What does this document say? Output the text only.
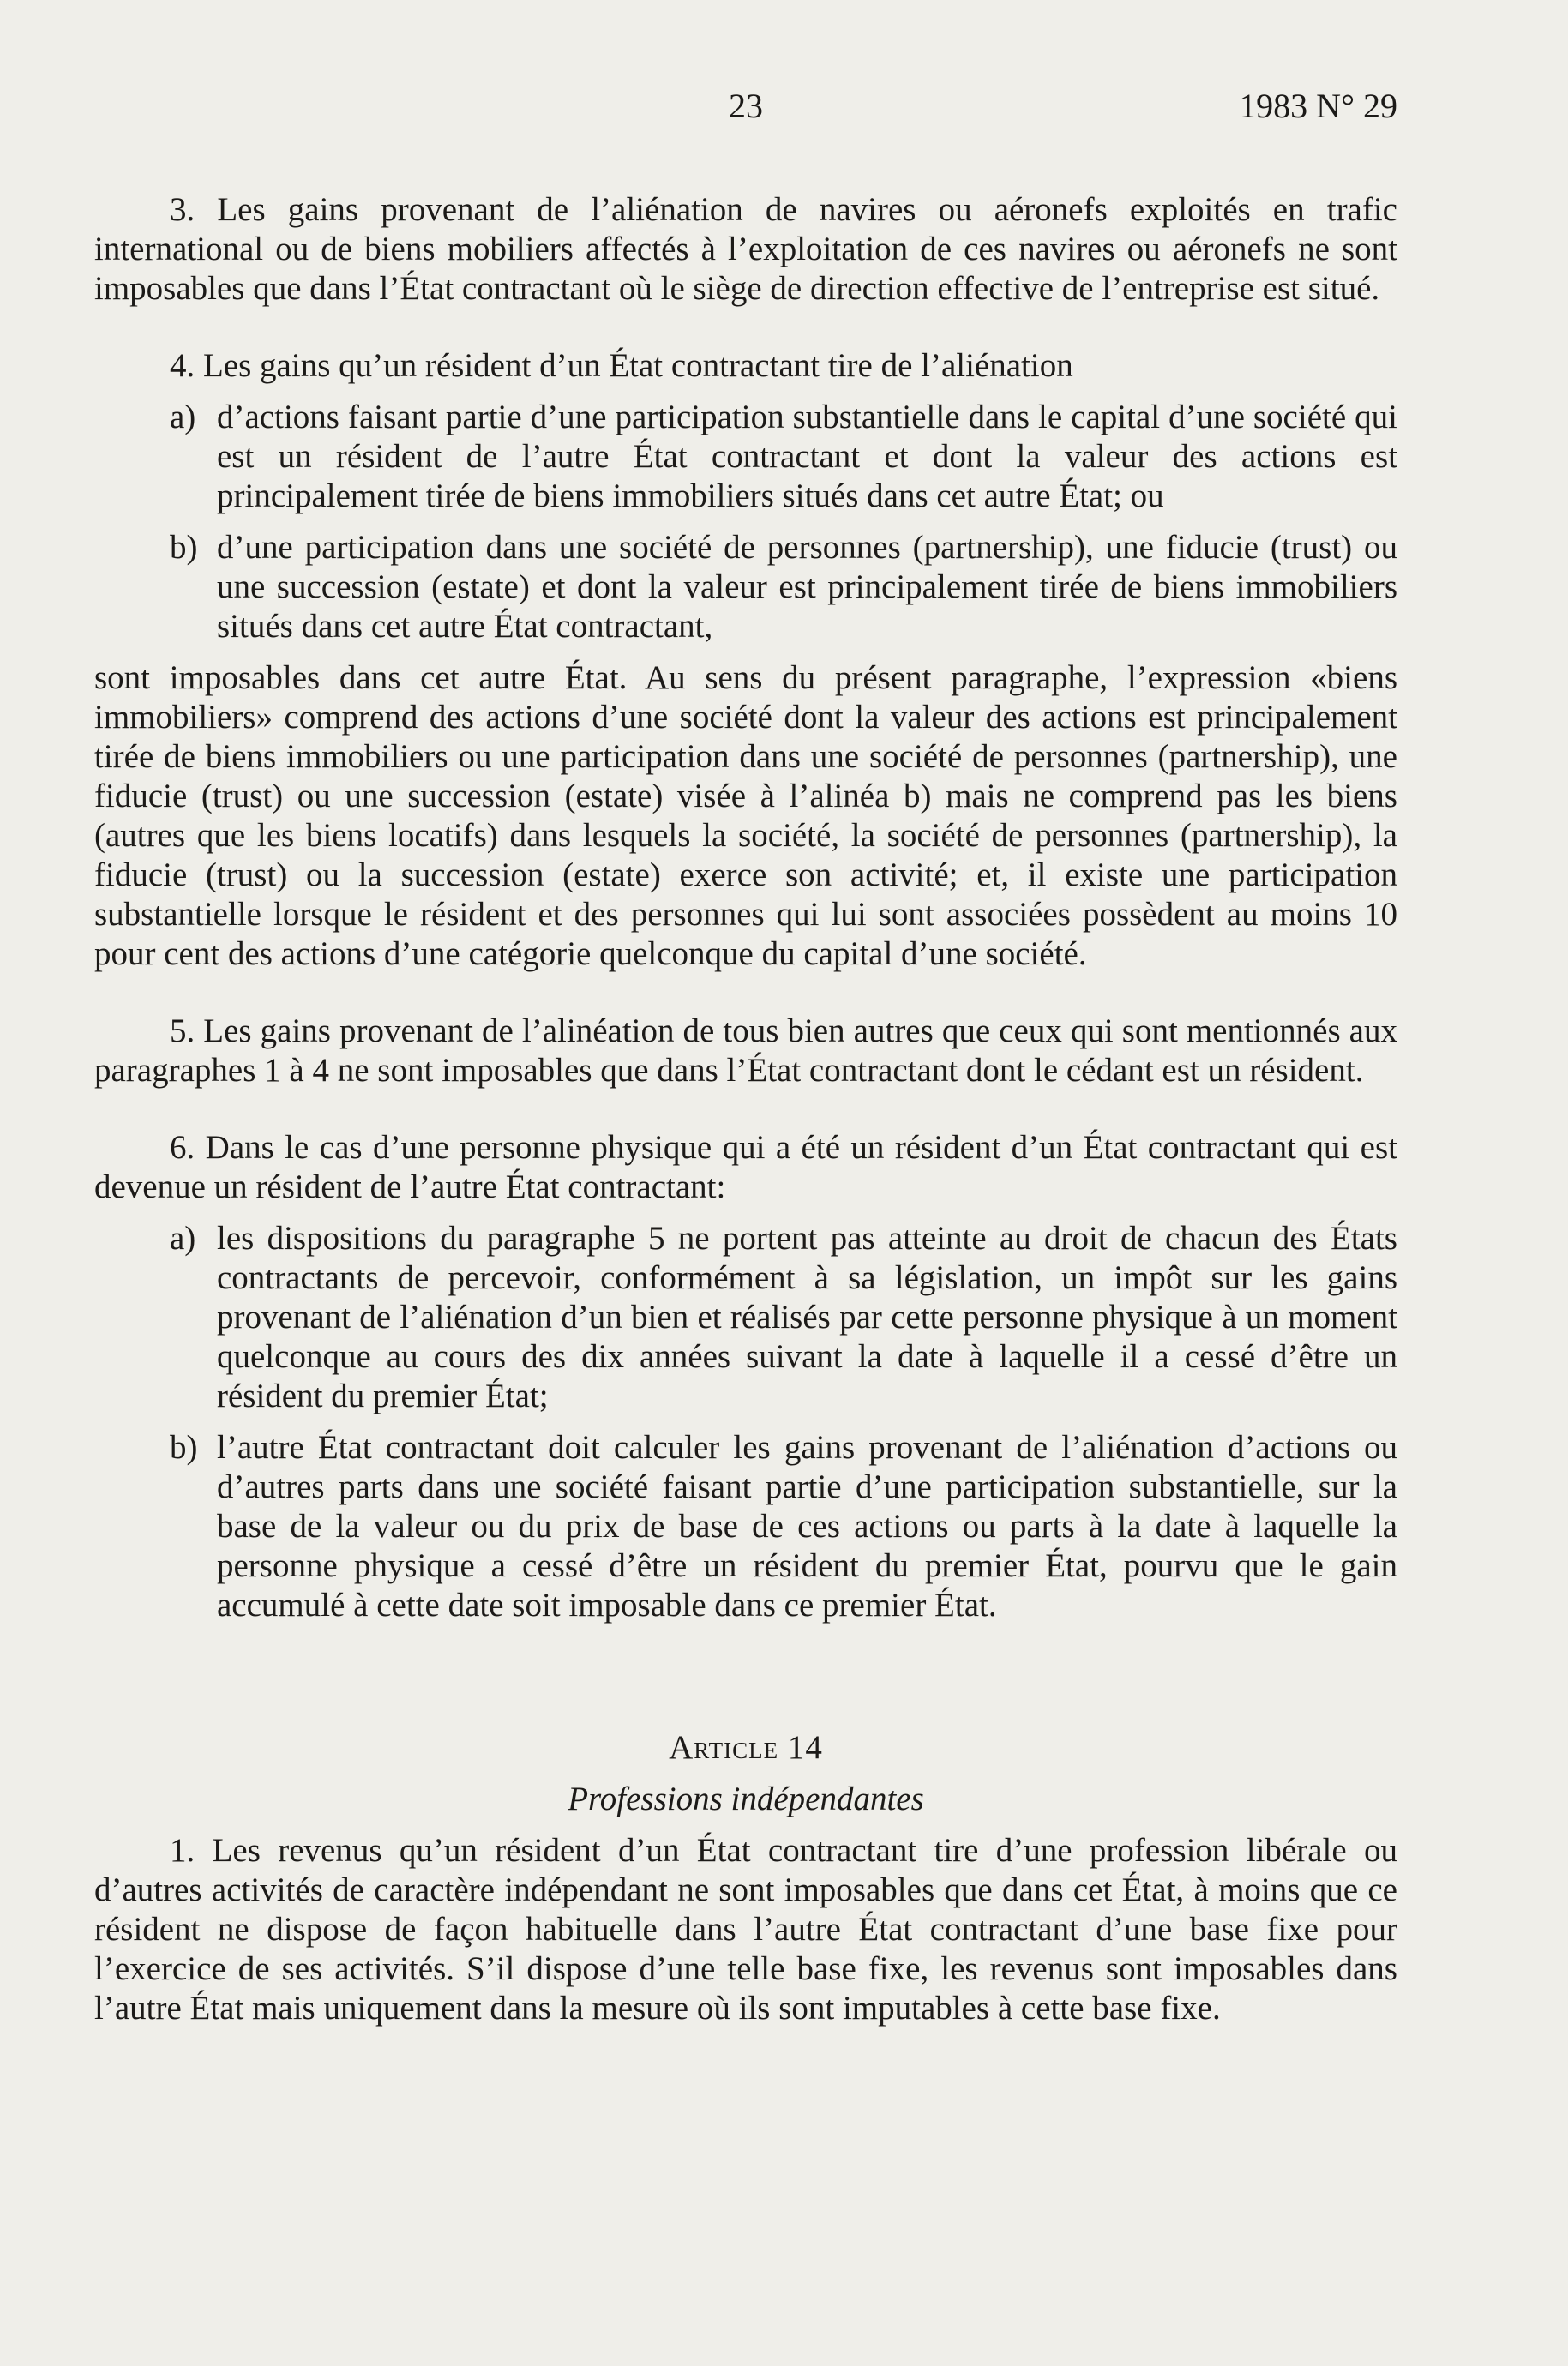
23	1983 N° 29

3. Les gains provenant de l’aliénation de navires ou aéronefs exploités en trafic international ou de biens mobiliers affectés à l’exploitation de ces navires ou aéronefs ne sont imposables que dans l’État contractant où le siège de direction effective de l’entreprise est situé.

4. Les gains qu’un résident d’un État contractant tire de l’aliénation

a) d’actions faisant partie d’une participation substantielle dans le capital d’une société qui est un résident de l’autre État contractant et dont la valeur des actions est principalement tirée de biens immobiliers situés dans cet autre État; ou
b) d’une participation dans une société de personnes (partnership), une fiducie (trust) ou une succession (estate) et dont la valeur est principalement tirée de biens immobiliers situés dans cet autre État contractant,

sont imposables dans cet autre État. Au sens du présent paragraphe, l’expression «biens immobiliers» comprend des actions d’une société dont la valeur des actions est principalement tirée de biens immobiliers ou une participation dans une société de personnes (partnership), une fiducie (trust) ou une succession (estate) visée à l’alinéa b) mais ne comprend pas les biens (autres que les biens locatifs) dans lesquels la société, la société de personnes (partnership), la fiducie (trust) ou la succession (estate) exerce son activité; et, il existe une participation substantielle lorsque le résident et des personnes qui lui sont associées possèdent au moins 10 pour cent des actions d’une catégorie quelconque du capital d’une société.

5. Les gains provenant de l’alinéation de tous bien autres que ceux qui sont mentionnés aux paragraphes 1 à 4 ne sont imposables que dans l’État contractant dont le cédant est un résident.

6. Dans le cas d’une personne physique qui a été un résident d’un État contractant qui est devenue un résident de l’autre État contractant:

a) les dispositions du paragraphe 5 ne portent pas atteinte au droit de chacun des États contractants de percevoir, conformément à sa législation, un impôt sur les gains provenant de l’aliénation d’un bien et réalisés par cette personne physique à un moment quelconque au cours des dix années suivant la date à laquelle il a cessé d’être un résident du premier État;
b) l’autre État contractant doit calculer les gains provenant de l’aliénation d’actions ou d’autres parts dans une société faisant partie d’une participation substantielle, sur la base de la valeur ou du prix de base de ces actions ou parts à la date à laquelle la personne physique a cessé d’être un résident du premier État, pourvu que le gain accumulé à cette date soit imposable dans ce premier État.
Article 14
Professions indépendantes

1. Les revenus qu’un résident d’un État contractant tire d’une profession libérale ou d’autres activités de caractère indépendant ne sont imposables que dans cet État, à moins que ce résident ne dispose de façon habituelle dans l’autre État contractant d’une base fixe pour l’exercice de ses activités. S’il dispose d’une telle base fixe, les revenus sont imposables dans l’autre État mais uniquement dans la mesure où ils sont imputables à cette base fixe.
